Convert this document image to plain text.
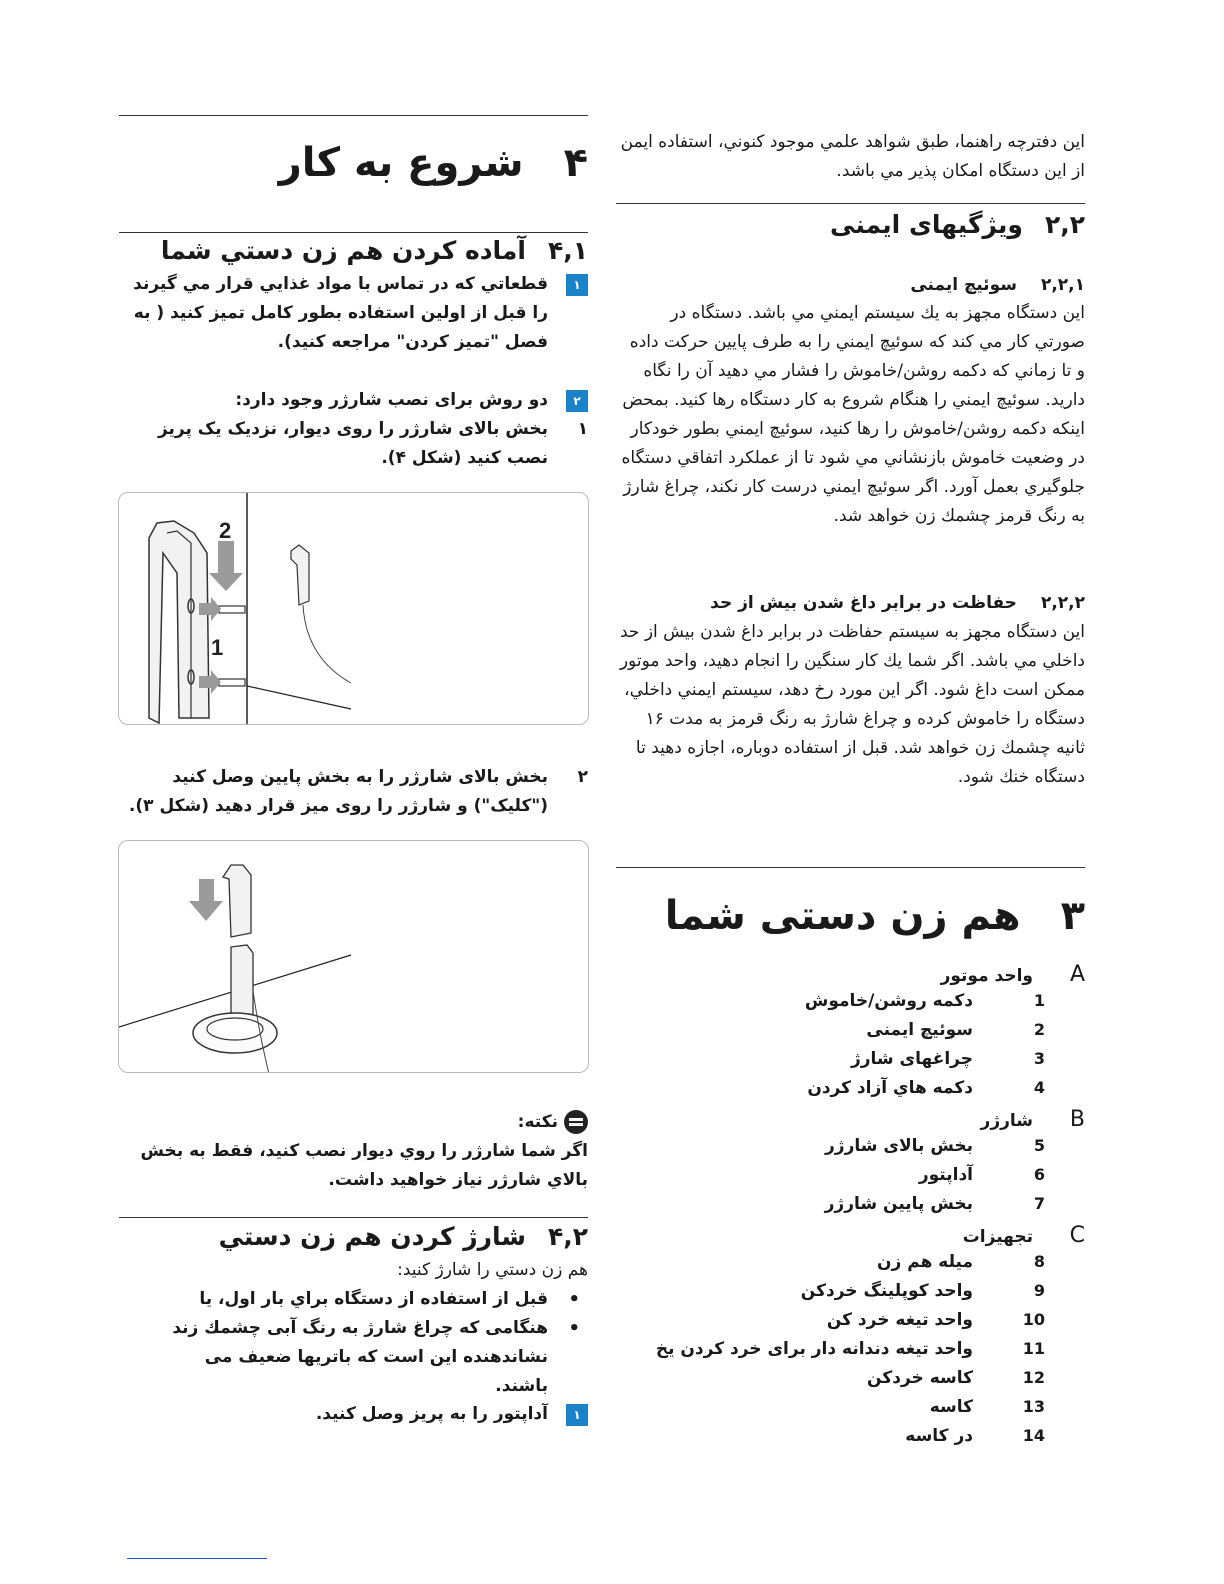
این دفترچه راهنما، طبق شواهد علمي موجود کنوني، استفاده ایمن از این دستگاه امکان پذیر مي باشد.

۲,۲ویژگیهای ایمنی
۲,۲,۱سوئیچ ایمنی

این دستگاه مجهز به یك سیستم ایمني مي باشد. دستگاه در صورتي كار مي كند كه سوئیچ ایمني را به طرف پایین حرکت داده و تا زماني كه دكمه روشن/خاموش را فشار مي دهید آن را نگاه دارید. سوئیچ ایمني را هنگام شروع به كار دستگاه رها كنید. بمحض اینكه دكمه روشن/خاموش را رها كنید، سوئیچ ایمني بطور خودكار در وضعیت خاموش بازنشاني مي شود تا از عملكرد اتفاقي دستگاه جلوگیري بعمل آورد. اگر سوئیچ ایمني درست كار نكند، چراغ شارژ به رنگ قرمز چشمك زن خواهد شد.

۲,۲,۲حفاظت در برابر داغ شدن بیش از حد

این دستگاه مجهز به سیستم حفاظت در برابر داغ شدن بیش از حد داخلي مي باشد. اگر شما یك كار سنگین را انجام دهید، واحد موتور ممكن است داغ شود. اگر این مورد رخ دهد، سیستم ایمني داخلي، دستگاه را خاموش كرده و چراغ شارژ به رنگ قرمز به مدت ۱۶ ثانیه چشمك زن خواهد شد. قبل از استفاده دوباره، اجازه دهید تا دستگاه خنك شود.

۳هم زن دستی شما
A
واحد موتور
1
دكمه روشن/خاموش
2
سوئیچ ایمنی
3
چراغهای شارژ
4
دكمه هاي آزاد كردن
B
شارژر
5
بخش بالای شارژر
6
آداپتور
7
بخش پایین شارژر
C
تجهیزات
8
میله هم زن
9
واحد كوپلینگ خردكن
10
واحد تیغه خرد كن
11
واحد تیغه دندانه دار برای خرد كردن یخ
12
كاسه خردكن
13
كاسه
14
در كاسه
۴شروع به كار
۴,۱آماده كردن هم زن دستي شما
۱
قطعاتي كه در تماس با مواد غذايي قرار مي گیرند را قبل از اولین استفاده بطور كامل تمیز كنید ( به فصل "تمیز كردن" مراجعه كنید).
۲
دو روش برای نصب شارژر وجود دارد:
۱
بخش بالای شارژر را روی دیوار، نزدیک یک پریز نصب كنید (شكل ۴).
2
1
۲
بخش بالای شارژر را به بخش پایین وصل كنید ("كلیک") و شارژر را روی میز قرار دهید (شكل ۳).
نكته:

اگر شما شارژر را روي ديوار نصب كنيد، فقط به بخش بالاي شارژر نياز خواهيد داشت.

۴,۲شارژ كردن هم زن دستي

هم زن دستي را شارژ كنيد:

• قبل از استفاده از دستگاه براي بار اول، يا
• هنگامی كه چراغ شارژ به رنگ آبی چشمك زند نشاندهنده این است كه باتریها ضعیف می باشند.
۱
آداپتور را به پريز وصل كنيد.
